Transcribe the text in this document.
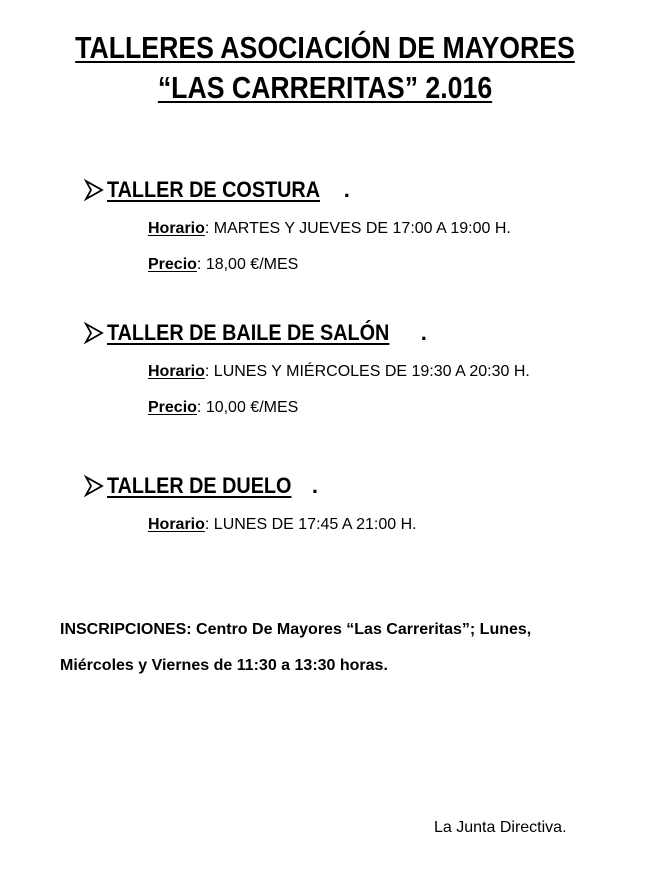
TALLERES ASOCIACIÓN DE MAYORES
“LAS CARRERITAS” 2.016
TALLER DE COSTURA .
Horario: MARTES Y JUEVES DE 17:00 A 19:00 H.
Precio: 18,00 €/MES
TALLER DE BAILE DE SALÓN .
Horario: LUNES Y MIÉRCOLES DE 19:30 A 20:30 H.
Precio: 10,00 €/MES
TALLER DE DUELO .
Horario: LUNES DE 17:45 A 21:00 H.
INSCRIPCIONES: Centro De Mayores “Las Carreritas”; Lunes,
Miércoles y Viernes de 11:30 a 13:30 horas.
La Junta Directiva.
